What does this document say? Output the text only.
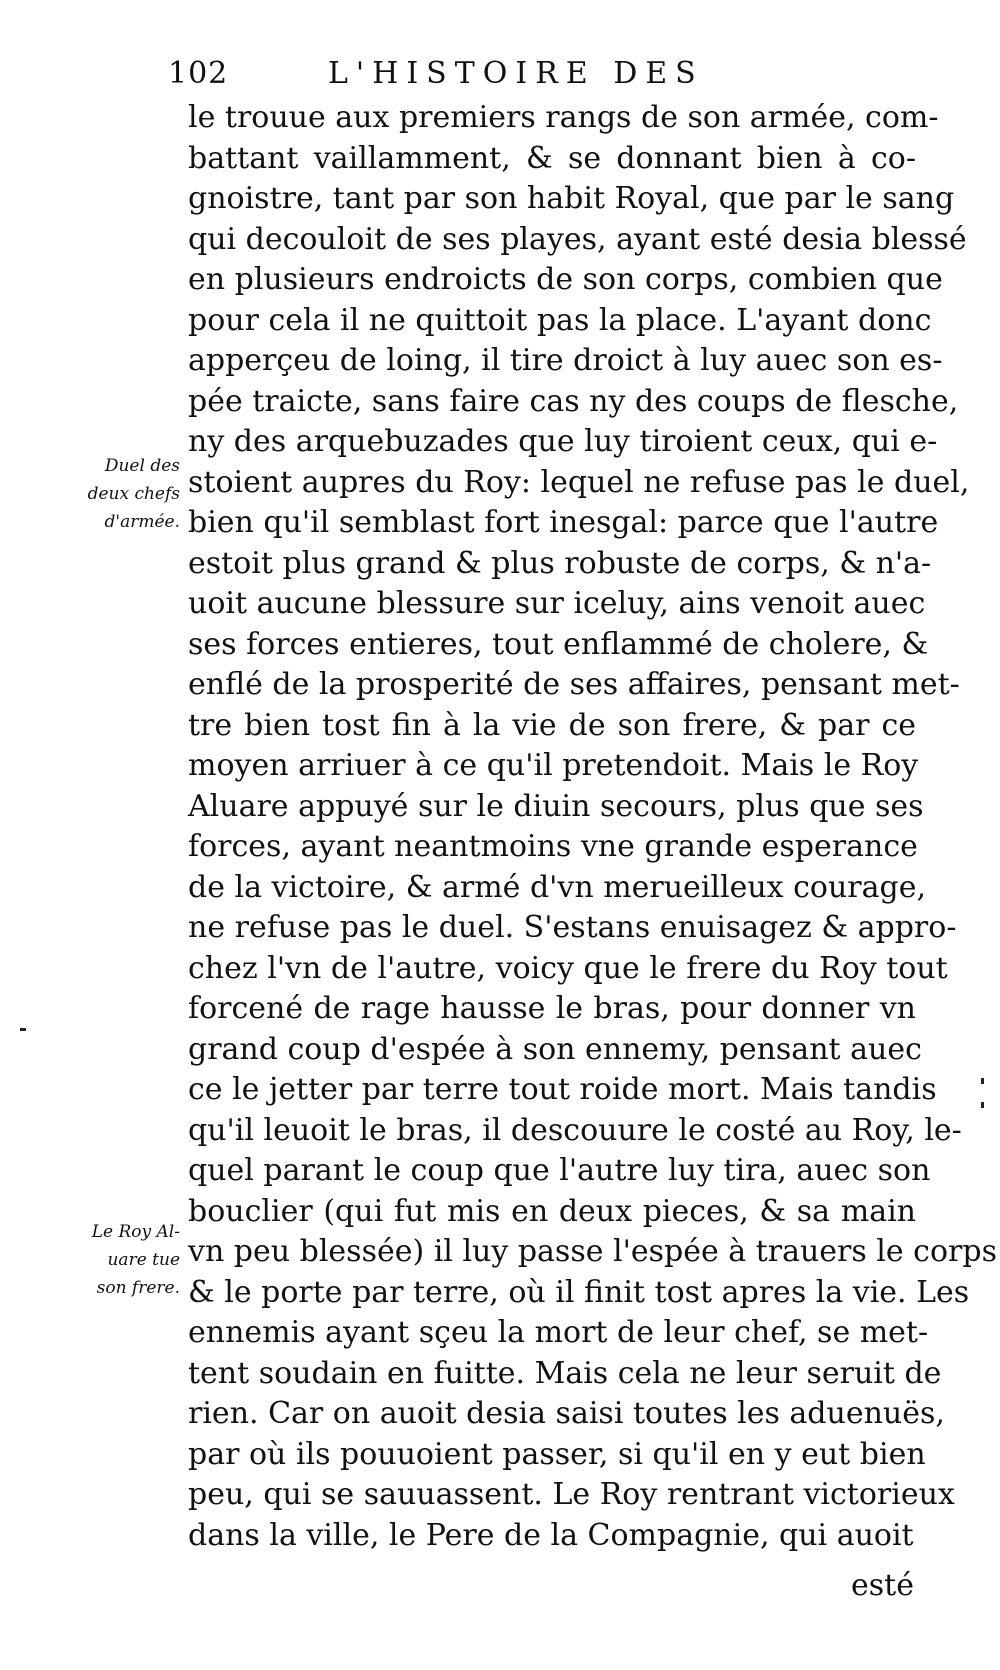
102	L'HISTOIRE DES
Duel des
deux chefs
d'armée.
Le Roy Al-
uare tue
son frere.
le trouue aux premiers rangs de son armée, com-
battant vaillamment, & se donnant bien à co-
gnoistre, tant par son habit Royal, que par le sang
qui decouloit de ses playes, ayant esté desia blessé
en plusieurs endroicts de son corps, combien que
pour cela il ne quittoit pas la place. L'ayant donc
apperçeu de loing, il tire droict à luy auec son es-
pée traicte, sans faire cas ny des coups de flesche,
ny des arquebuzades que luy tiroient ceux, qui e-
stoient aupres du Roy: lequel ne refuse pas le duel,
bien qu'il semblast fort inesgal: parce que l'autre
estoit plus grand & plus robuste de corps, & n'a-
uoit aucune blessure sur iceluy, ains venoit auec
ses forces entieres, tout enflammé de cholere, &
enflé de la prosperité de ses affaires, pensant met-
tre bien tost fin à la vie de son frere, & par ce
moyen arriuer à ce qu'il pretendoit. Mais le Roy
Aluare appuyé sur le diuin secours, plus que ses
forces, ayant neantmoins vne grande esperance
de la victoire, & armé d'vn merueilleux courage,
ne refuse pas le duel. S'estans enuisagez & appro-
chez l'vn de l'autre, voicy que le frere du Roy tout
forcené de rage hausse le bras, pour donner vn
grand coup d'espée à son ennemy, pensant auec
ce le jetter par terre tout roide mort. Mais tandis
qu'il leuoit le bras, il descouure le costé au Roy, le-
quel parant le coup que l'autre luy tira, auec son
bouclier (qui fut mis en deux pieces, & sa main
vn peu blessée) il luy passe l'espée à trauers le corps
& le porte par terre, où il finit tost apres la vie. Les
ennemis ayant sçeu la mort de leur chef, se met-
tent soudain en fuitte. Mais cela ne leur seruit de
rien. Car on auoit desia saisi toutes les aduenuës,
par où ils pouuoient passer, si qu'il en y eut bien
peu, qui se sauuassent. Le Roy rentrant victorieux
dans la ville, le Pere de la Compagnie, qui auoit
esté
